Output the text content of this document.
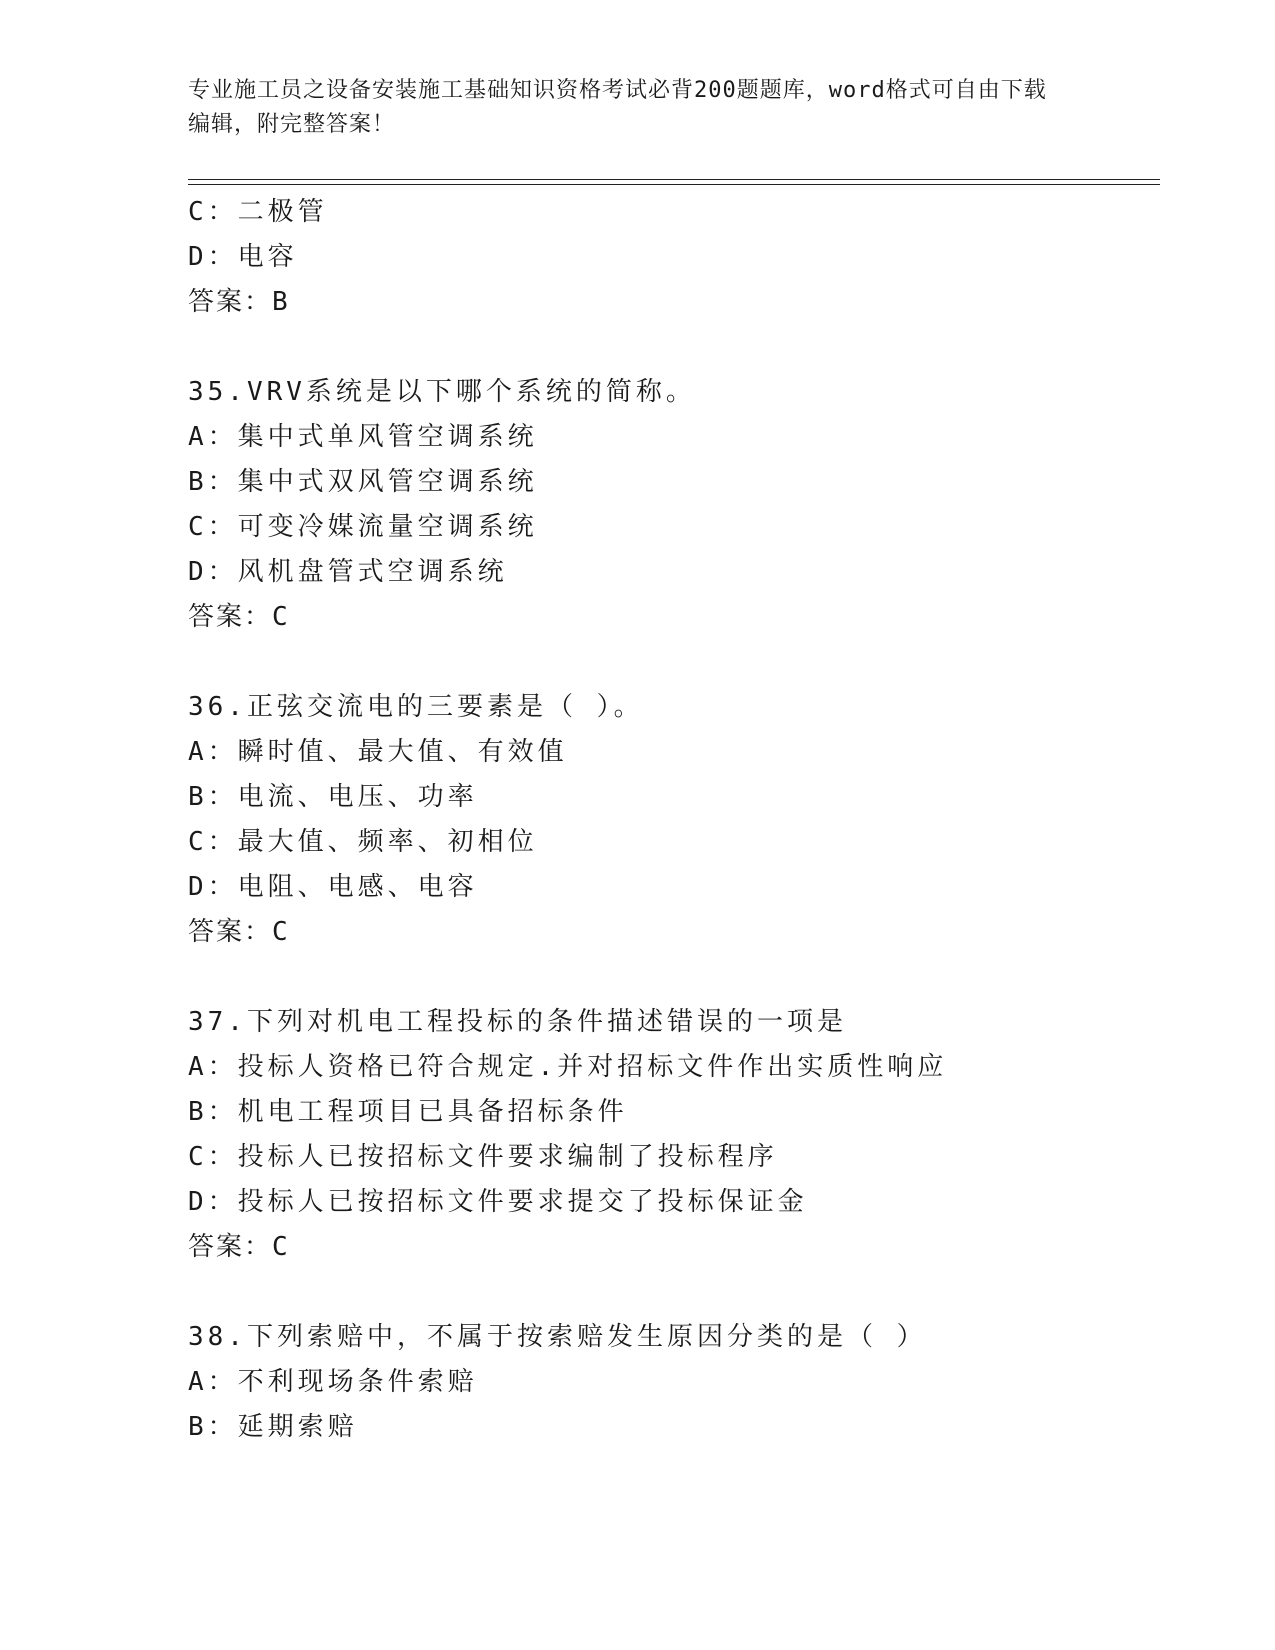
专业施工员之设备安装施工基础知识资格考试必背200题题库，word格式可自由下载编辑，附完整答案！
C：二极管
D：电容
答案：B
35.VRV系统是以下哪个系统的简称。
A：集中式单风管空调系统
B：集中式双风管空调系统
C：可变冷媒流量空调系统
D：风机盘管式空调系统
答案：C
36.正弦交流电的三要素是（ ）。
A：瞬时值、最大值、有效值
B：电流、电压、功率
C：最大值、频率、初相位
D：电阻、电感、电容
答案：C
37.下列对机电工程投标的条件描述错误的一项是
A：投标人资格已符合规定.并对招标文件作出实质性响应
B：机电工程项目已具备招标条件
C：投标人已按招标文件要求编制了投标程序
D：投标人已按招标文件要求提交了投标保证金
答案：C
38.下列索赔中，不属于按索赔发生原因分类的是（ ）
A：不利现场条件索赔
B：延期索赔
